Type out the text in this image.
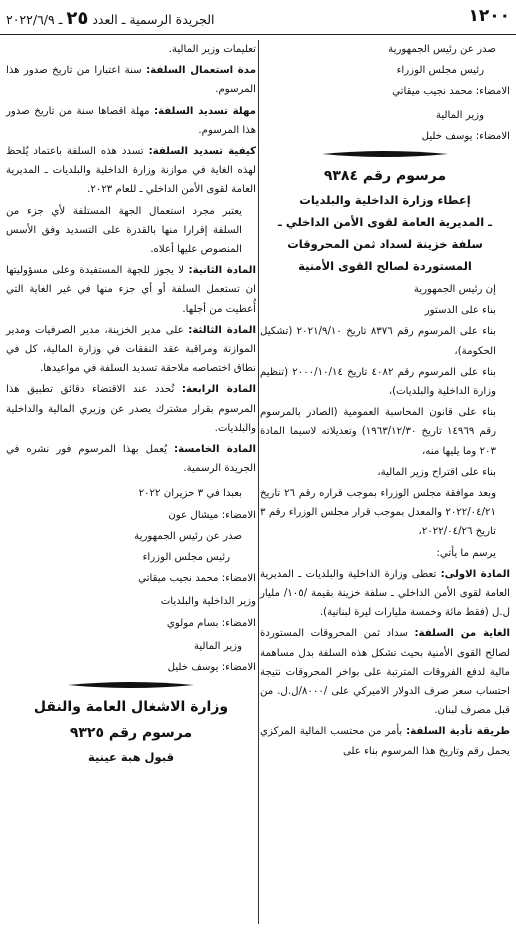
١٢٠٠
الجريدة الرسمية ـ العدد ٢٥ ـ ٢٠٢٢/٦/٩

صدر عن رئيس الجمهورية

رئيس مجلس الوزراء

الامضاء: محمد نجيب ميقاتي

وزير المالية

الامضاء: يوسف خليل

مرسوم رقم ٩٣٨٤

إعطاء وزارة الداخلية والبلديات

ـ المديرية العامة لقوى الأمن الداخلي ـ

سلفة خزينة لسداد ثمن المحروقات

المستوردة لصالح القوى الأمنية

إن رئيس الجمهورية

بناء على الدستور

بناء على المرسوم رقم ٨٣٧٦ تاريخ ٢٠٢١/٩/١٠ (تشكيل الحكومة)،

بناء على المرسوم رقم ٤٠٨٢ تاريخ ٢٠٠٠/١٠/١٤ (تنظيم وزارة الداخلية والبلديات)،

بناء على قانون المحاسبة العمومية (الصادر بالمرسوم رقم ١٤٩٦٩ تاريخ ١٩٦٣/١٢/٣٠) وتعديلاته لاسيما المادة ٢٠٣ وما يليها منه،

بناء على اقتراح وزير المالية،

وبعد موافقة مجلس الوزراء بموجب قراره رقم ٢٦ تاريخ ٢٠٢٢/٠٤/٢١ والمعدل بموجب قرار مجلس الوزراء رقم ٣ تاريخ ٢٠٢٢/٠٤/٢٦،

يرسم ما يأتي:

المادة الاولى: تعطى وزارة الداخلية والبلديات ـ المديرية العامة لقوى الأمن الداخلي ـ سلفة خزينة بقيمة /١٠٥/ مليار ل.ل (فقط مائة وخمسة مليارات ليرة لبنانية).

الغاية من السلفة: سداد ثمن المحروقات المستوردة لصالح القوى الأمنية بحيث تشكل هذه السلفة بدل مساهمة مالية لدفع الفروقات المترتبة على بواخر المحروقات نتيجة احتساب سعر صرف الدولار الاميركي على /٨٠٠٠/ل.ل. من قبل مصرف لبنان.

طريقة تأدية السلفة: بأمر من محتسب المالية المركزي يحمل رقم وتاريخ هذا المرسوم بناء على

تعليمات وزير المالية.

مدة استعمال السلفة: سنة اعتبارا من تاريخ صدور هذا المرسوم.

مهلة تسديد السلفة: مهلة اقصاها سنة من تاريخ صدور هذا المرسوم.

كيفية تسديد السلفة: تسدد هذه السلفة باعتماد يُلحظ لهذه الغاية في موازنة وزارة الداخلية والبلديات ـ المديرية العامة لقوى الأمن الداخلي ـ للعام ٢٠٢٣.

يعتبر مجرد استعمال الجهة المستلفة لأي جزء من السلفة إقرارا منها بالقدرة على التسديد وفق الأسس المنصوص عليها أعلاه.

المادة الثانية: لا يجوز للجهة المستفيدة وعلى مسؤوليتها ان تستعمل السلفة أو أي جزء منها في غير الغاية التي أُعطيت من أجلها.

المادة الثالثة: على مدير الخزينة، مدير الصرفيات ومدير الموازنة ومراقبة عقد النفقات في وزارة المالية، كل في نطاق اختصاصه ملاحقة تسديد السلفة في مواعيدها.

المادة الرابعة: تُحدد عند الاقتضاء دقائق تطبيق هذا المرسوم بقرار مشترك يصدر عن وزيري المالية والداخلية والبلديات.

المادة الخامسة: يُعمل بهذا المرسوم فور نشره في الجريدة الرسمية.

بعبدا في ٣ حزيران ٢٠٢٢

الامضاء: ميشال عون

صدر عن رئيس الجمهورية

رئيس مجلس الوزراء

الامضاء: محمد نجيب ميقاتي

وزير الداخلية والبلديات

الامضاء: بسام مولوي

وزير المالية

الامضاء: يوسف خليل

وزارة الاشغال العامة والنقل

مرسوم رقم ٩٣٢٥

قبول هبة عينية
